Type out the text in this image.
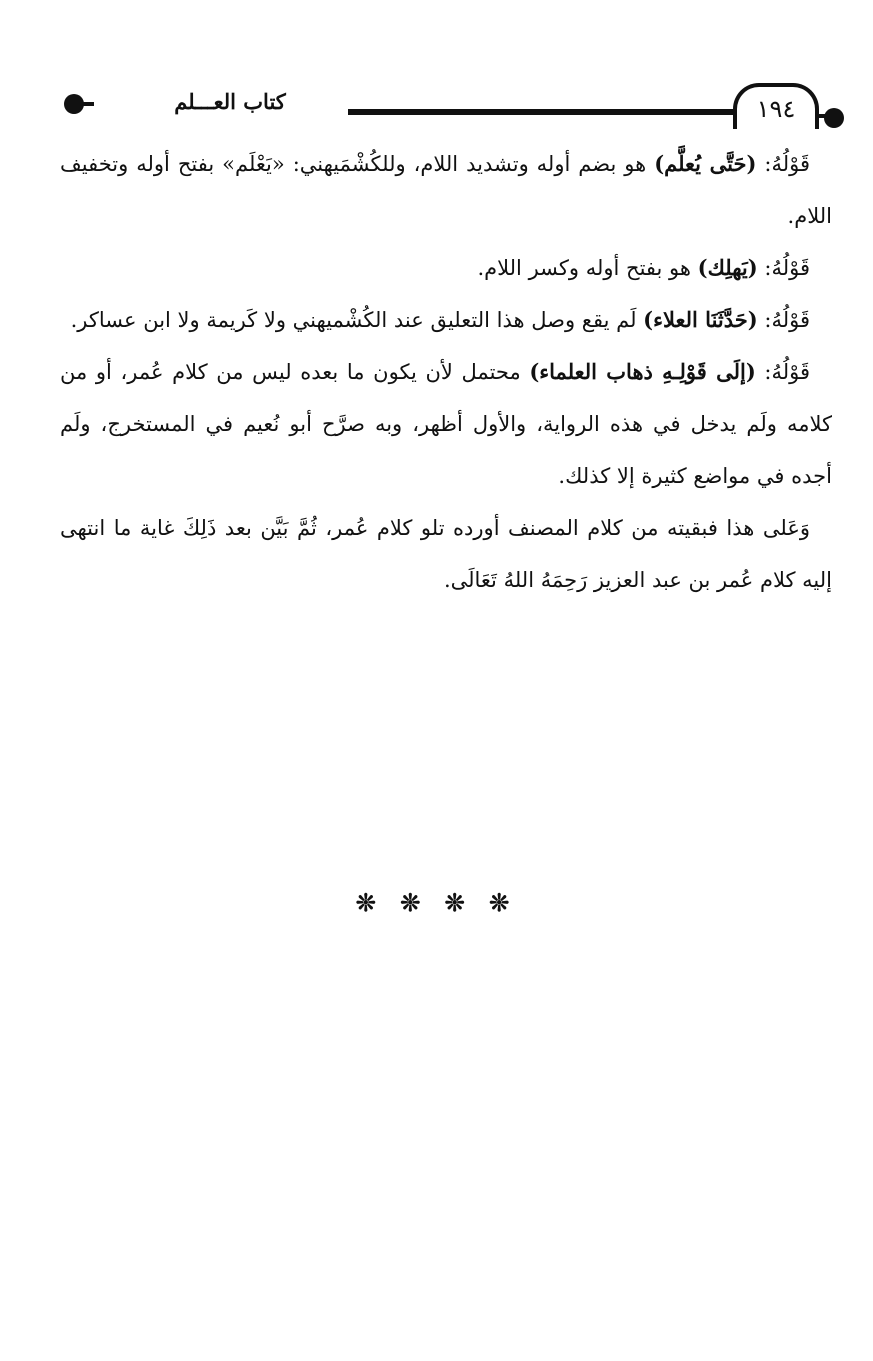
كتاب العـــلم	١٩٤

قَوْلُهُ: (حَتَّى يُعلَّم) هو بضم أوله وتشديد اللام، وللكُشْمَيهني: «يَعْلَم» بفتح أوله وتخفيف اللام.

قَوْلُهُ: (يَهلِك) هو بفتح أوله وكسر اللام.

قَوْلُهُ: (حَدَّثَنَا العلاء) لَم يقع وصل هذا التعليق عند الكُشْميهني ولا كَريمة ولا ابن عساكر.

قَوْلُهُ: (إلَى قَوْلِـهِ ذهاب العلماء) محتمل لأن يكون ما بعده ليس من كلام عُمر، أو من كلامه ولَم يدخل في هذه الرواية، والأول أظهر، وبه صرَّح أبو نُعيم في المستخرج، ولَم أجده في مواضع كثيرة إلا كذلك.

وَعَلى هذا فبقيته من كلام المصنف أورده تلو كلام عُمر، ثُمَّ بَيَّن بعد ذَلِكَ غاية ما انتهى إليه كلام عُمر بن عبد العزيز رَحِمَهُ اللهُ تَعَالَى.

❊ ❊ ❊ ❊
